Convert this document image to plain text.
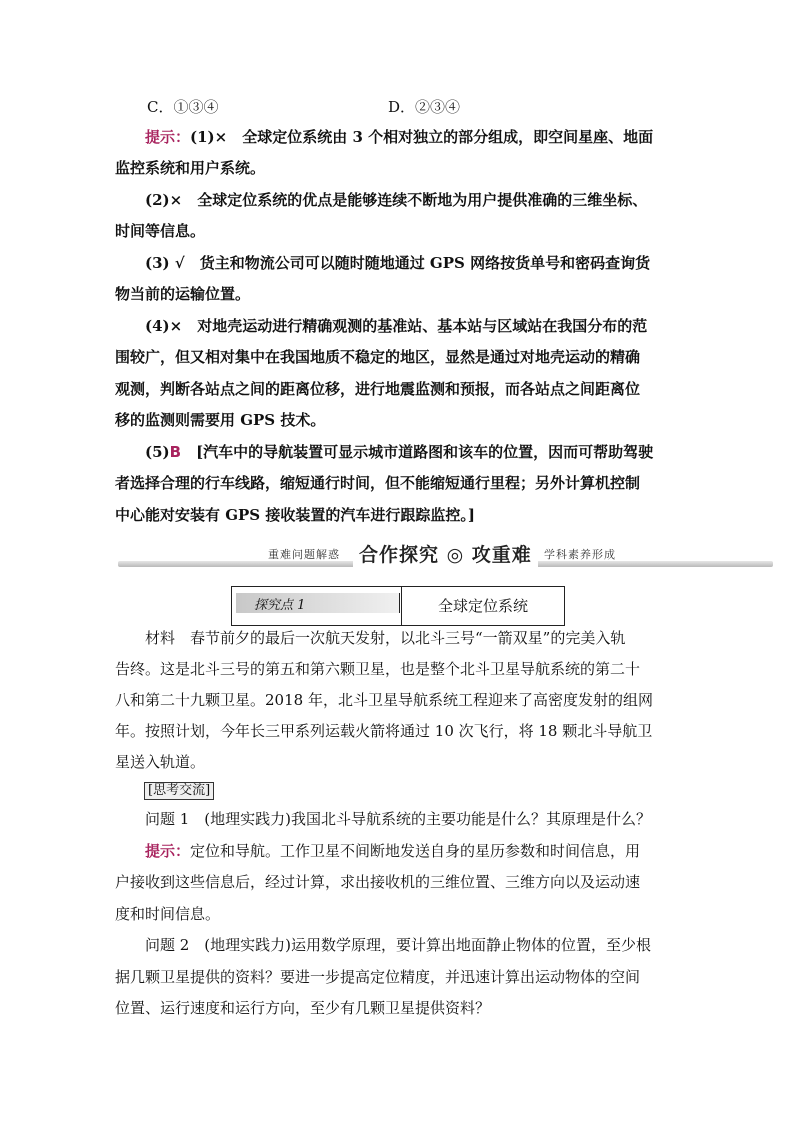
C．①③④	D．②③④
提示：(1)×　全球定位系统由 3 个相对独立的部分组成，即空间星座、地面
监控系统和用户系统。
(2)×　全球定位系统的优点是能够连续不断地为用户提供准确的三维坐标、
时间等信息。
(3) √　货主和物流公司可以随时随地通过 GPS 网络按货单号和密码查询货
物当前的运输位置。
(4)×　对地壳运动进行精确观测的基准站、基本站与区域站在我国分布的范
围较广，但又相对集中在我国地质不稳定的地区，显然是通过对地壳运动的精确
观测，判断各站点之间的距离位移，进行地震监测和预报，而各站点之间距离位
移的监测则需要用 GPS 技术。
(5)B　[汽车中的导航装置可显示城市道路图和该车的位置，因而可帮助驾驶
者选择合理的行车线路，缩短通行时间，但不能缩短通行里程；另外计算机控制
中心能对安装有 GPS 接收装置的汽车进行跟踪监控。]
重难问题解惑	合作探究 ◎ 攻重难	学科素养形成
探究点 1	全球定位系统
材料　春节前夕的最后一次航天发射，以北斗三号“一箭双星”的完美入轨
告终。这是北斗三号的第五和第六颗卫星，也是整个北斗卫星导航系统的第二十
八和第二十九颗卫星。2018 年，北斗卫星导航系统工程迎来了高密度发射的组网
年。按照计划，今年长三甲系列运载火箭将通过 10 次飞行，将 18 颗北斗导航卫
星送入轨道。
[思考交流]
问题 1　(地理实践力)我国北斗导航系统的主要功能是什么？其原理是什么？
提示：定位和导航。工作卫星不间断地发送自身的星历参数和时间信息，用
户接收到这些信息后，经过计算，求出接收机的三维位置、三维方向以及运动速
度和时间信息。
问题 2　(地理实践力)运用数学原理，要计算出地面静止物体的位置，至少根
据几颗卫星提供的资料？要进一步提高定位精度，并迅速计算出运动物体的空间
位置、运行速度和运行方向，至少有几颗卫星提供资料？
